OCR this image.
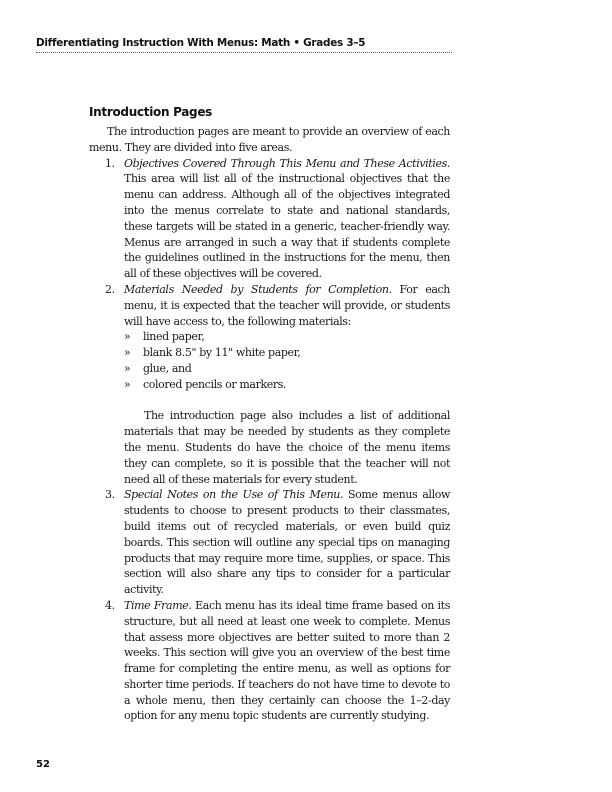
Differentiating Instruction With Menus: Math • Grades 3–5
Introduction Pages

The introduction pages are meant to provide an overview of each menu. They are divided into five areas.

1. Objectives Covered Through This Menu and These Activities. This area will list all of the instructional objectives that the menu can address. Although all of the objectives integrated into the menus correlate to state and national standards, these targets will be stated in a generic, teacher-friendly way. Menus are arranged in such a way that if students complete the guidelines outlined in the instructions for the menu, then all of these objectives will be covered.

2. Materials Needed by Students for Completion. For each menu, it is expected that the teacher will provide, or students will have access to, the following materials:

» lined paper,
» blank 8.5" by 11" white paper,
» glue, and
» colored pencils or markers.

The introduction page also includes a list of additional materials that may be needed by students as they complete the menu. Students do have the choice of the menu items they can complete, so it is possible that the teacher will not need all of these materials for every student.

3. Special Notes on the Use of This Menu. Some menus allow students to choose to present products to their classmates, build items out of recycled materials, or even build quiz boards. This section will outline any special tips on managing products that may require more time, supplies, or space. This section will also share any tips to consider for a particular activity.

4. Time Frame. Each menu has its ideal time frame based on its structure, but all need at least one week to complete. Menus that assess more objectives are better suited to more than 2 weeks. This section will give you an overview of the best time frame for completing the entire menu, as well as options for shorter time periods. If teachers do not have time to devote to a whole menu, then they certainly can choose the 1–2-day option for any menu topic students are currently studying.

52
